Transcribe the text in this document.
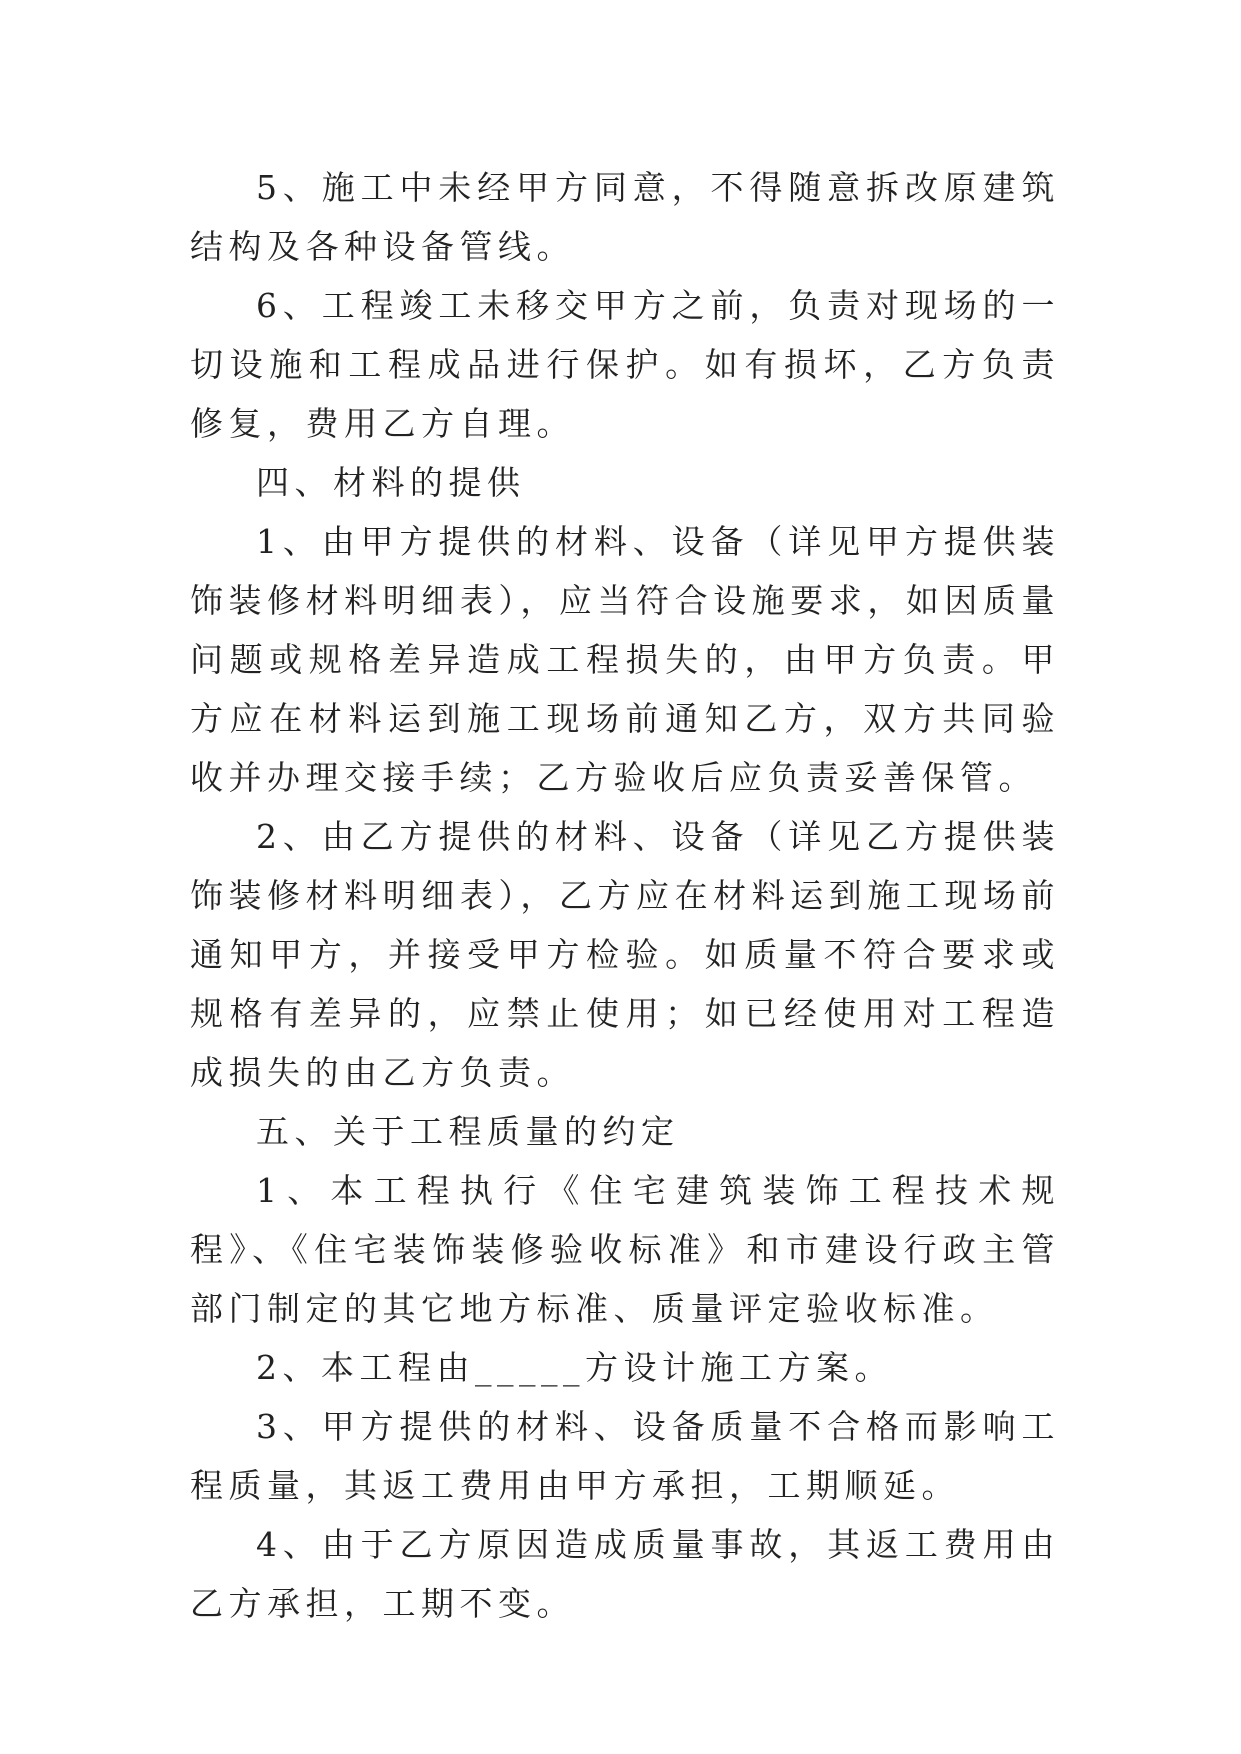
5、施工中未经甲方同意，不得随意拆改原建筑结构及各种设备管线。

6、工程竣工未移交甲方之前，负责对现场的一切设施和工程成品进行保护。如有损坏，乙方负责修复，费用乙方自理。

四、材料的提供

1、由甲方提供的材料、设备（详见甲方提供装饰装修材料明细表），应当符合设施要求，如因质量问题或规格差异造成工程损失的，由甲方负责。甲方应在材料运到施工现场前通知乙方，双方共同验收并办理交接手续；乙方验收后应负责妥善保管。

2、由乙方提供的材料、设备（详见乙方提供装饰装修材料明细表），乙方应在材料运到施工现场前通知甲方，并接受甲方检验。如质量不符合要求或规格有差异的，应禁止使用；如已经使用对工程造成损失的由乙方负责。

五、关于工程质量的约定

1、本工程执行《住宅建筑装饰工程技术规程》、《住宅装饰装修验收标准》和市建设行政主管部门制定的其它地方标准、质量评定验收标准。

2、本工程由_____方设计施工方案。

3、甲方提供的材料、设备质量不合格而影响工程质量，其返工费用由甲方承担，工期顺延。

4、由于乙方原因造成质量事故，其返工费用由乙方承担，工期不变。
